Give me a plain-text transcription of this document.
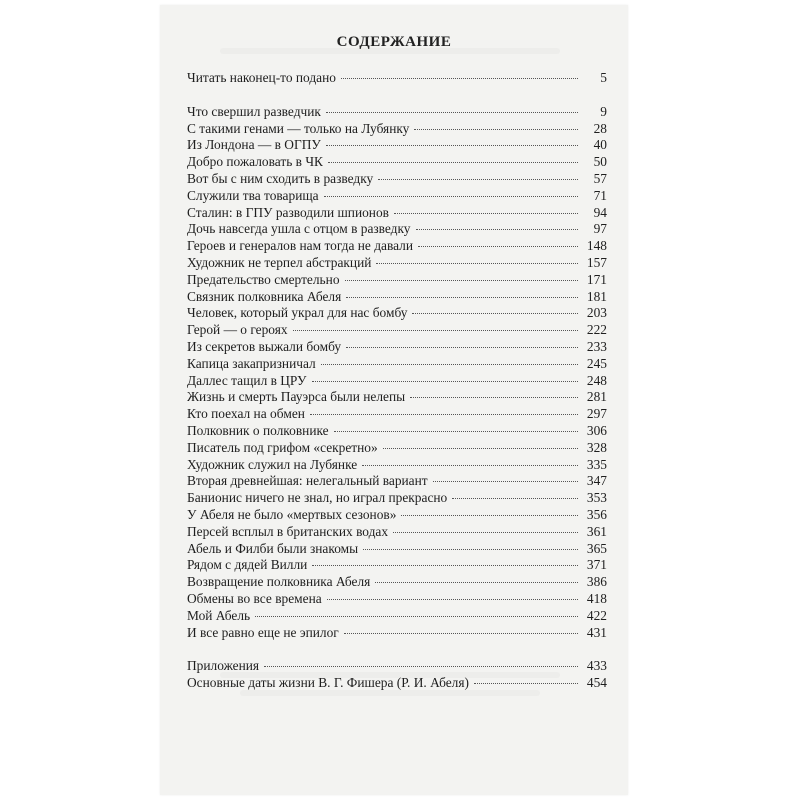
СОДЕРЖАНИЕ
Читать наконец-то подано	5
Что свершил разведчик	9
С такими генами — только на Лубянку	28
Из Лондона — в ОГПУ	40
Добро пожаловать в ЧК	50
Вот бы с ним сходить в разведку	57
Служили тва товарища	71
Сталин: в ГПУ разводили шпионов	94
Дочь навсегда ушла с отцом в разведку	97
Героев и генералов нам тогда не давали	148
Художник не терпел абстракций	157
Предательство смертельно	171
Связник полковника Абеля	181
Человек, который украл для нас бомбу	203
Герой — о героях	222
Из секретов выжали бомбу	233
Капица закапризничал	245
Даллес тащил в ЦРУ	248
Жизнь и смерть Пауэрса были нелепы	281
Кто поехал на обмен	297
Полковник о полковнике	306
Писатель под грифом «секретно»	328
Художник служил на Лубянке	335
Вторая древнейшая: нелегальный вариант	347
Банионис ничего не знал, но играл прекрасно	353
У Абеля не было «мертвых сезонов»	356
Персей всплыл в британских водах	361
Абель и Филби были знакомы	365
Рядом с дядей Вилли	371
Возвращение полковника Абеля	386
Обмены во все времена	418
Мой Абель	422
И все равно еще не эпилог	431
Приложения	433
Основные даты жизни В. Г. Фишера (Р. И. Абеля)	454
